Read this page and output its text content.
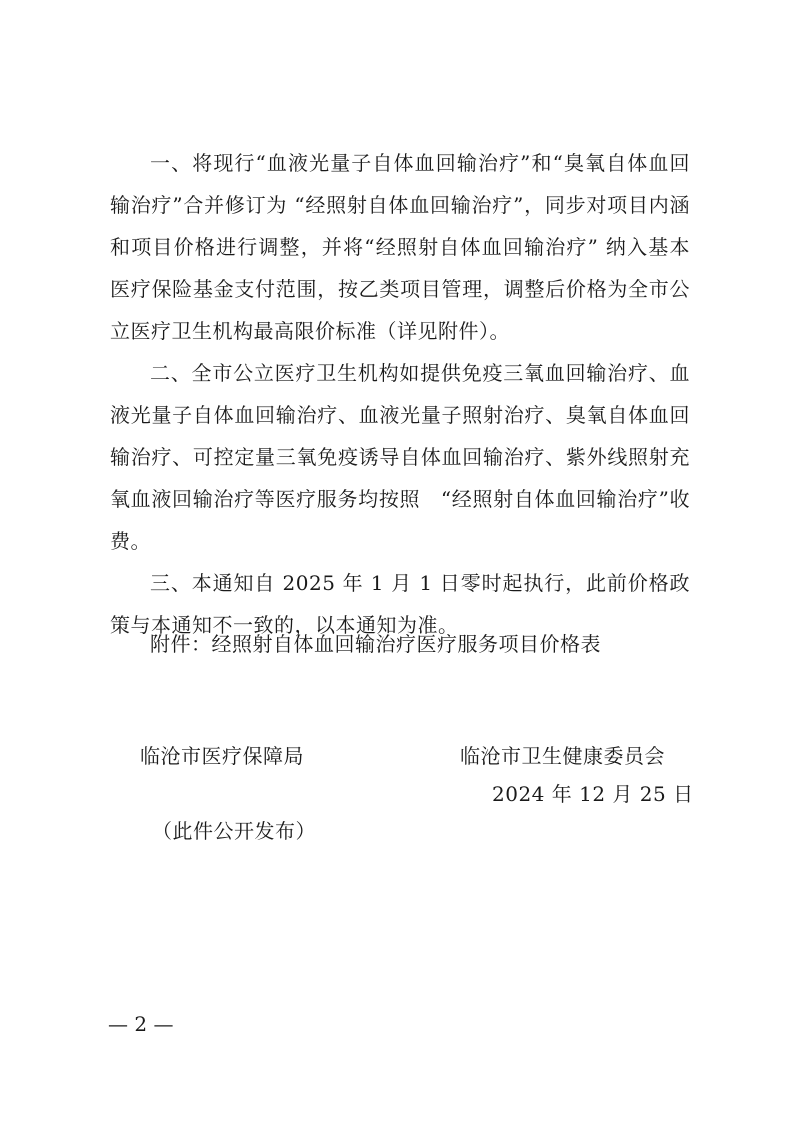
一、将现行“血液光量子自体血回输治疗”和“臭氧自体血回输治疗”合并修订为 “经照射自体血回输治疗”，同步对项目内涵和项目价格进行调整，并将“经照射自体血回输治疗” 纳入基本医疗保险基金支付范围，按乙类项目管理，调整后价格为全市公立医疗卫生机构最高限价标准（详见附件）。

二、全市公立医疗卫生机构如提供免疫三氧血回输治疗、血液光量子自体血回输治疗、血液光量子照射治疗、臭氧自体血回输治疗、可控定量三氧免疫诱导自体血回输治疗、紫外线照射充氧血液回输治疗等医疗服务均按照　“经照射自体血回输治疗”收费。

三、本通知自 2025 年 1 月 1 日零时起执行，此前价格政策与本通知不一致的，以本通知为准。

附件：经照射自体血回输治疗医疗服务项目价格表
临沧市医疗保障局	临沧市卫生健康委员会
2024 年 12 月 25 日
（此件公开发布）
— 2 —
